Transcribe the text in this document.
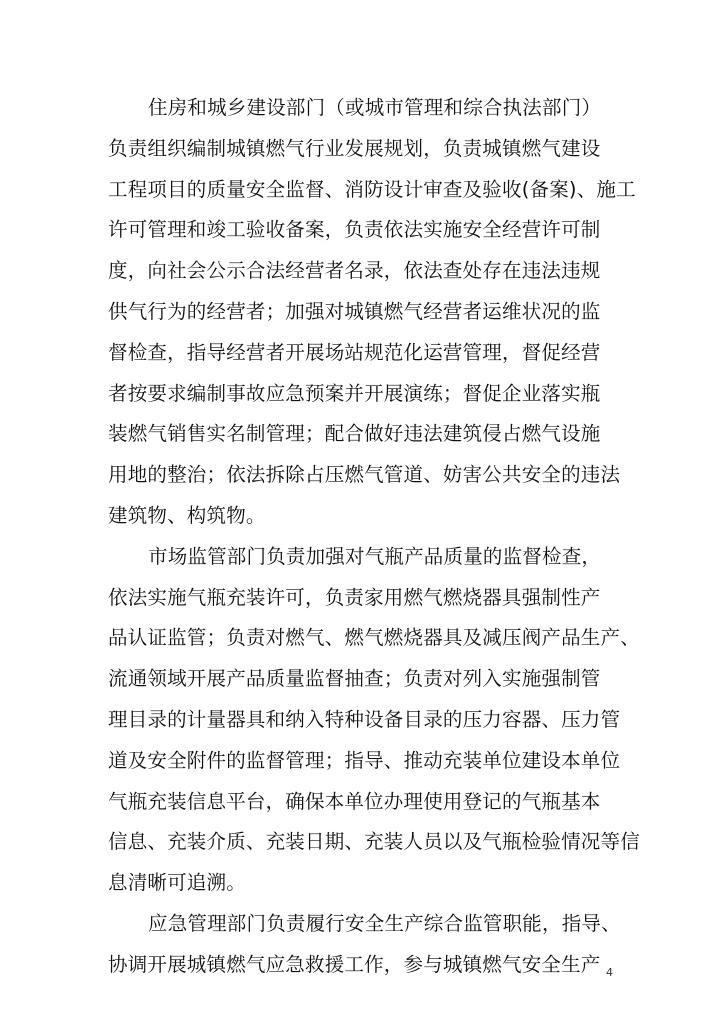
住房和城乡建设部门（或城市管理和综合执法部门）
负责组织编制城镇燃气行业发展规划，负责城镇燃气建设
工程项目的质量安全监督、消防设计审查及验收(备案)、施工
许可管理和竣工验收备案，负责依法实施安全经营许可制
度，向社会公示合法经营者名录，依法查处存在违法违规
供气行为的经营者；加强对城镇燃气经营者运维状况的监
督检查，指导经营者开展场站规范化运营管理，督促经营
者按要求编制事故应急预案并开展演练；督促企业落实瓶
装燃气销售实名制管理；配合做好违法建筑侵占燃气设施
用地的整治；依法拆除占压燃气管道、妨害公共安全的违法
建筑物、构筑物。
市场监管部门负责加强对气瓶产品质量的监督检查，
依法实施气瓶充装许可，负责家用燃气燃烧器具强制性产
品认证监管；负责对燃气、燃气燃烧器具及减压阀产品生产、
流通领域开展产品质量监督抽查；负责对列入实施强制管
理目录的计量器具和纳入特种设备目录的压力容器、压力管
道及安全附件的监督管理；指导、推动充装单位建设本单位
气瓶充装信息平台，确保本单位办理使用登记的气瓶基本
信息、充装介质、充装日期、充装人员以及气瓶检验情况等信
息清晰可追溯。
应急管理部门负责履行安全生产综合监管职能，指导、
协调开展城镇燃气应急救援工作，参与城镇燃气安全生产 4
